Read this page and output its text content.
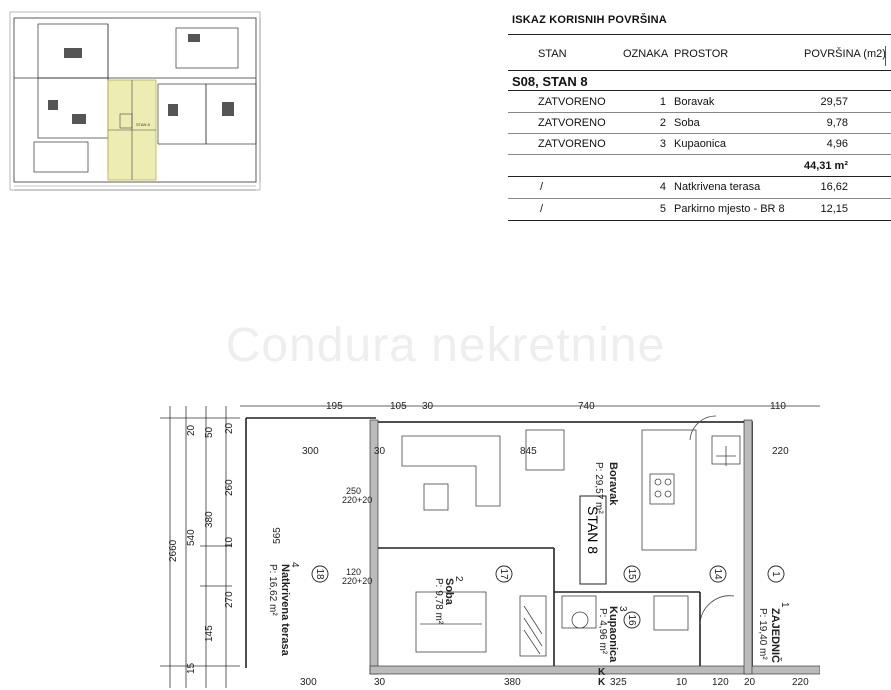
STAN 8
ISKAZ KORISNIH POVRŠINA
STAN	OZNAKA PROSTOR	POVRŠINA (m2)
S08, STAN 8
ZATVORENO	1 Boravak	29,57
ZATVORENO	2 Soba	9,78
ZATVORENO	3 Kupaonica	4,96
44,31 m²
/	4 Natkrivena terasa	16,62
/	5 Parkirno mjesto - BR 8	12,15
Condura nekretnine
195	105 30	740	110
20 50 20
260
380
10
540
270
145
15
2660	STAN 8
300	30	845	220
250
220+20
120
220+20
565
Boravak
P: 29,57 m²
2
Soba
P: 9,78 m²	3
Kupaonica
P: 4,96 m²
4
Natkrivena terasa
P: 16,62 m²	1
ZAJEDNIČ
P: 19,40 m²
18	17	15	14
16
1
300	30	380	325	10 120 20	220
K
K
